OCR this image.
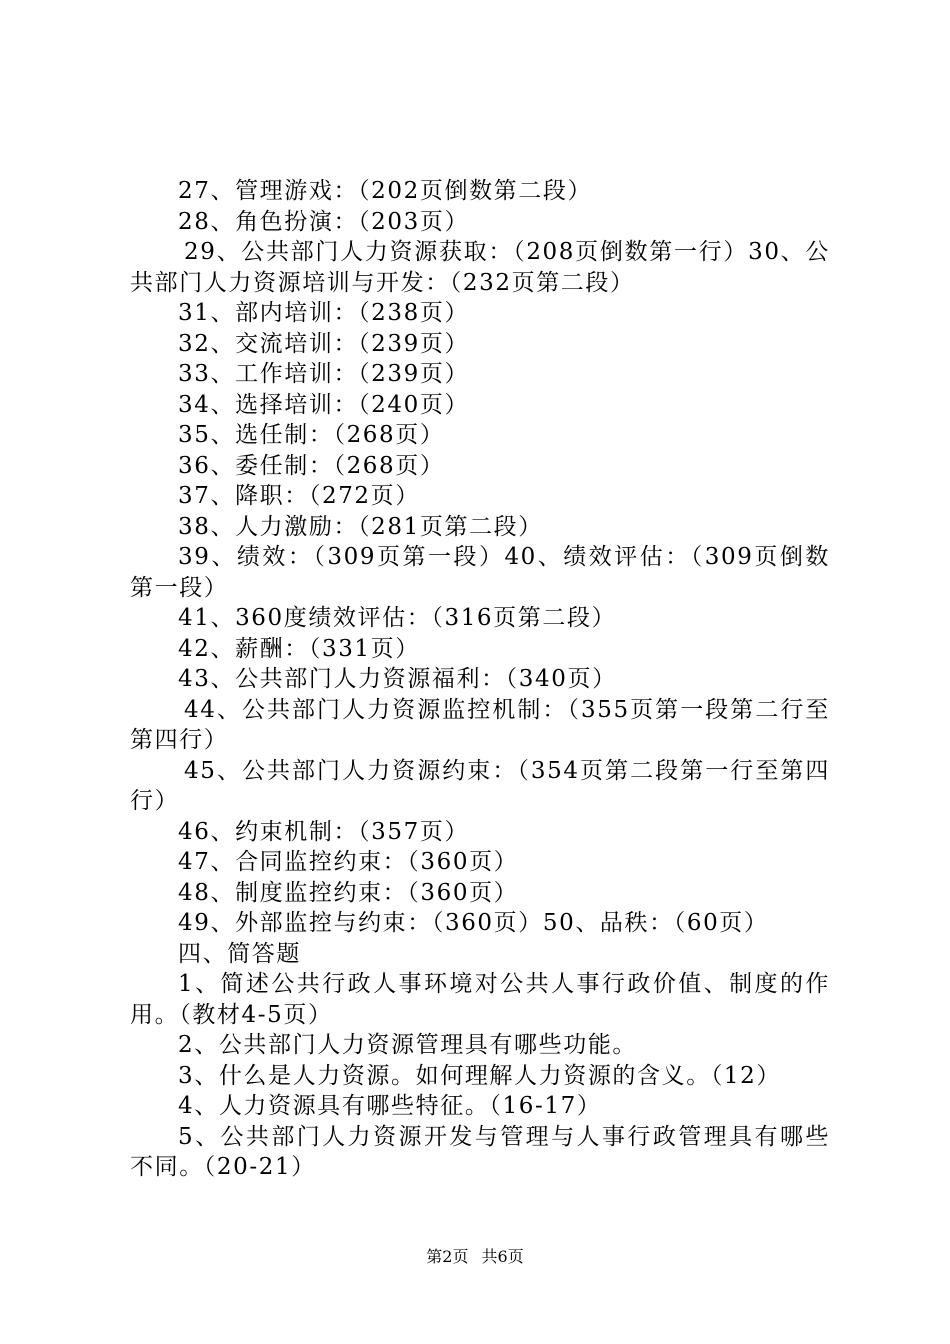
27、管理游戏：（202页倒数第二段）

28、角色扮演：（203页）

29、公共部门人力资源获取：（208页倒数第一行）30、公共部门人力资源培训与开发：（232页第二段）

31、部内培训：（238页）

32、交流培训：（239页）

33、工作培训：（239页）

34、选择培训：（240页）

35、选任制：（268页）

36、委任制：（268页）

37、降职：（272页）

38、人力激励：（281页第二段）

39、绩效：（309页第一段）40、绩效评估：（309页倒数第一段）

41、360度绩效评估：（316页第二段）

42、薪酬：（331页）

43、公共部门人力资源福利：（340页）

44、公共部门人力资源监控机制：（355页第一段第二行至第四行）

45、公共部门人力资源约束：（354页第二段第一行至第四行）

46、约束机制：（357页）

47、合同监控约束：（360页）

48、制度监控约束：（360页）

49、外部监控与约束：（360页）50、品秩：（60页）

四、简答题

1、简述公共行政人事环境对公共人事行政价值、制度的作用。（教材4-5页）

2、公共部门人力资源管理具有哪些功能。

3、什么是人力资源。如何理解人力资源的含义。（12）

4、人力资源具有哪些特征。（16-17）

5、公共部门人力资源开发与管理与人事行政管理具有哪些不同。（20-21）

第2页 共6页
